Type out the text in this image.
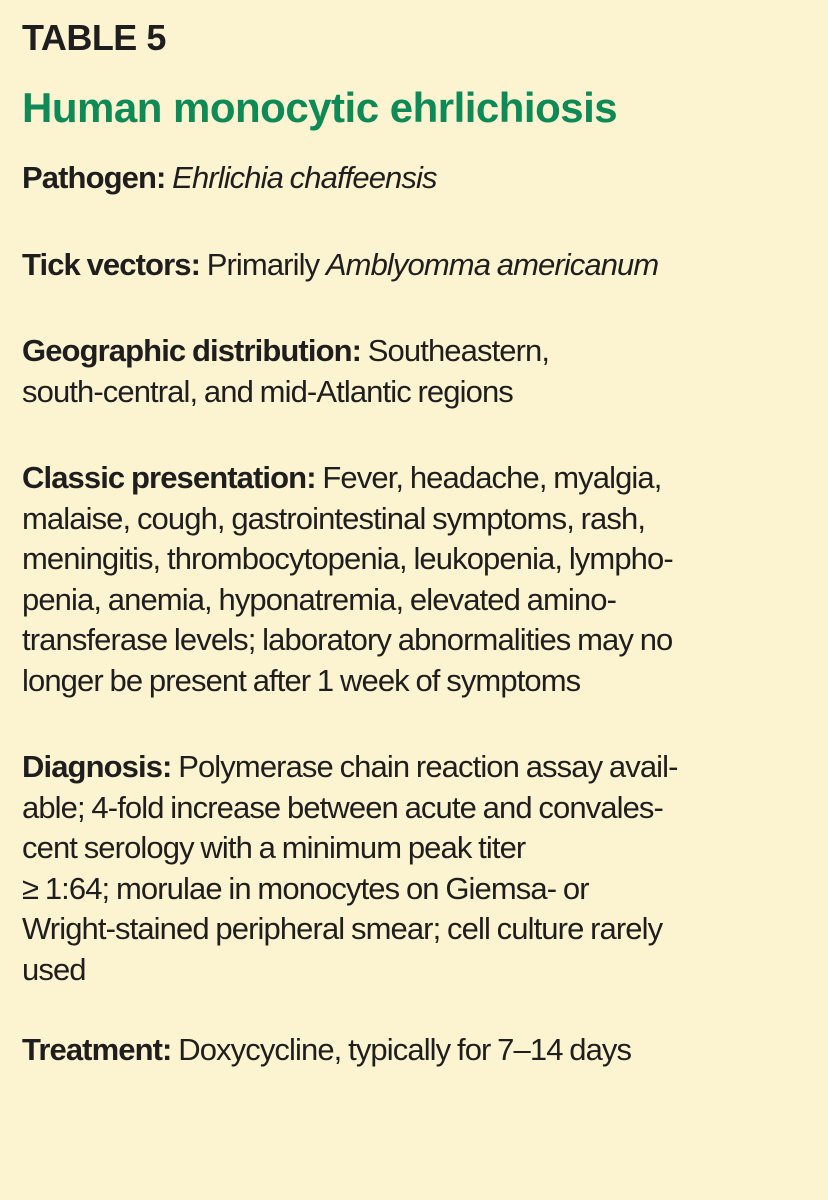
TABLE 5
Human monocytic ehrlichiosis

Pathogen: Ehrlichia chaffeensis

Tick vectors: Primarily Amblyomma americanum

Geographic distribution: Southeastern,
south-central, and mid-Atlantic regions

Classic presentation: Fever, headache, myalgia,
malaise, cough, gastrointestinal symptoms, rash,
meningitis, thrombocytopenia, leukopenia, lympho-
penia, anemia, hyponatremia, elevated amino-
transferase levels; laboratory abnormalities may no
longer be present after 1 week of symptoms

Diagnosis: Polymerase chain reaction assay avail-
able; 4-fold increase between acute and convales-
cent serology with a minimum peak titer
≥ 1:64; morulae in monocytes on Giemsa- or
Wright-stained peripheral smear; cell culture rarely
used

Treatment: Doxycycline, typically for 7–14 days
